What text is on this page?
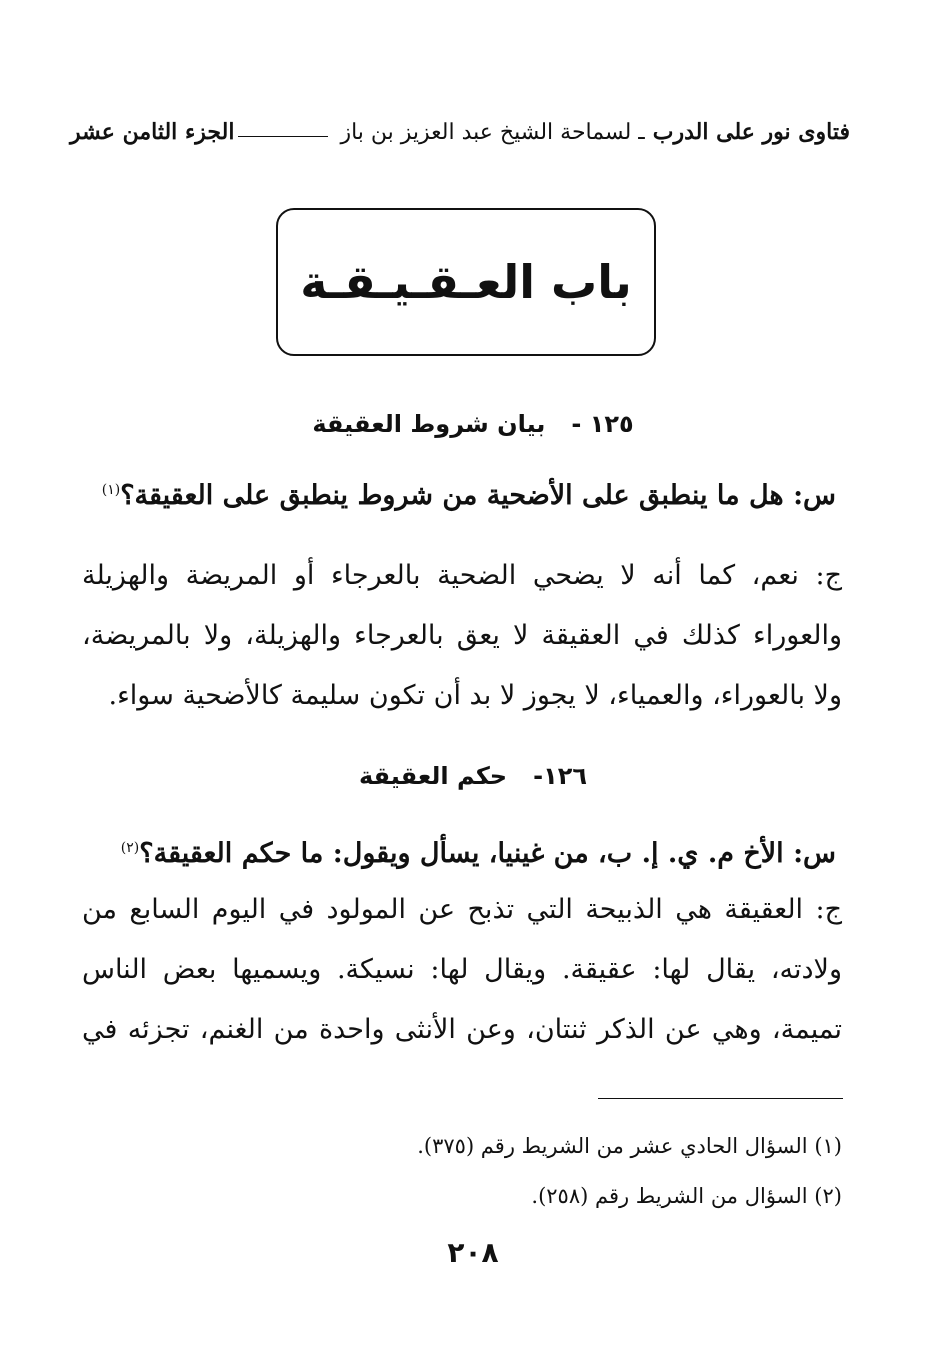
فتاوى نور على الدرب
ـ لسماحة الشيخ عبد العزيز بن باز
الجزء الثامن عشر
باب العـقـيـقـة
١٢٥ -بيان شروط العقيقة
س: هل ما ينطبق على الأضحية من شروط ينطبق على العقيقة؟$^{(١)}$
ج: نعم، كما أنه لا يضحي الضحية بالعرجاء أو المريضة والهزيلة
والعوراء كذلك في العقيقة لا يعق بالعرجاء والهزيلة، ولا بالمريضة،
ولا بالعوراء، والعمياء، لا يجوز لا بد أن تكون سليمة كالأضحية سواء.
١٢٦-حكم العقيقة
س: الأخ م. ي. إ. ب، من غينيا، يسأل ويقول: ما حكم العقيقة؟$^{(٢)}$
ج: العقيقة هي الذبيحة التي تذبح عن المولود في اليوم السابع من
ولادته، يقال لها: عقيقة. ويقال لها: نسيكة. ويسميها بعض الناس
تميمة، وهي عن الذكر ثنتان، وعن الأنثى واحدة من الغنم، تجزئه في
(١) السؤال الحادي عشر من الشريط رقم (٣٧٥).
(٢) السؤال من الشريط رقم (٢٥٨).
٢٠٨
